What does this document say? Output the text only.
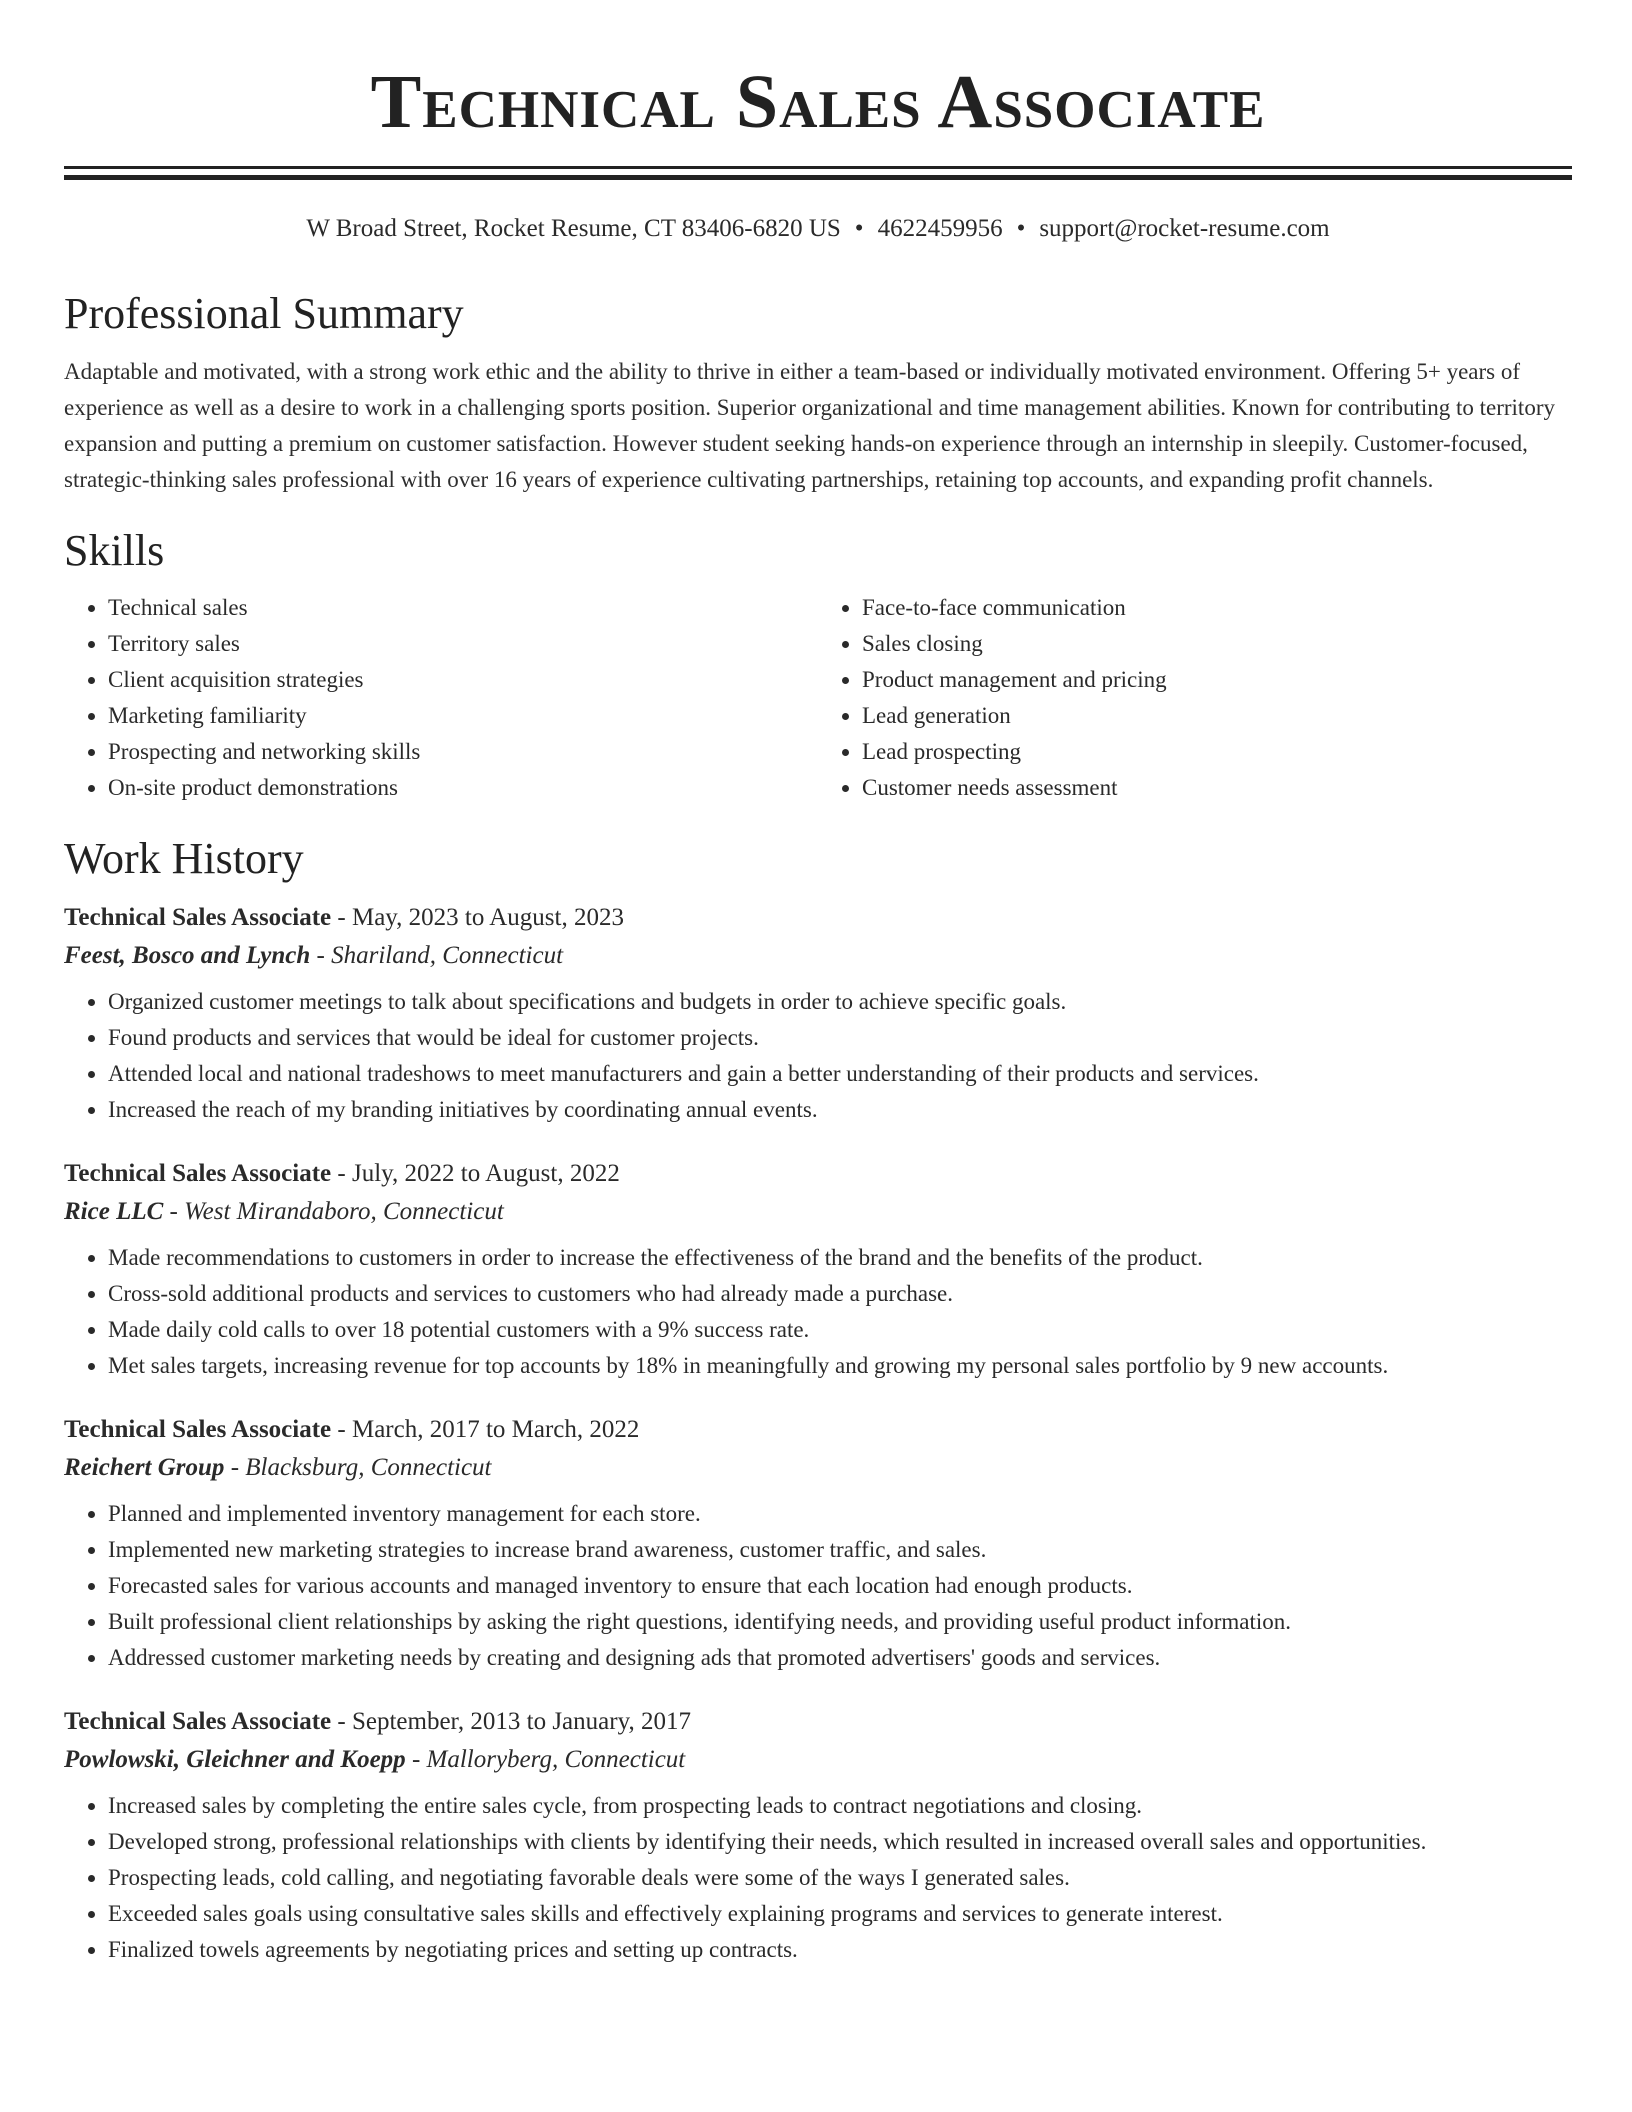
Technical Sales Associate
W Broad Street, Rocket Resume, CT 83406-6820 US • 4622459956 • support@rocket-resume.com
Professional Summary

Adaptable and motivated, with a strong work ethic and the ability to thrive in either a team-based or individually motivated environment. Offering 5+ years of experience as well as a desire to work in a challenging sports position. Superior organizational and time management abilities. Known for contributing to territory expansion and putting a premium on customer satisfaction. However student seeking hands-on experience through an internship in sleepily. Customer-focused, strategic-thinking sales professional with over 16 years of experience cultivating partnerships, retaining top accounts, and expanding profit channels.

Skills
• Technical sales
• Territory sales
• Client acquisition strategies
• Marketing familiarity
• Prospecting and networking skills
• On-site product demonstrations
• Face-to-face communication
• Sales closing
• Product management and pricing
• Lead generation
• Lead prospecting
• Customer needs assessment
Work History
Technical Sales Associate - May, 2023 to August, 2023
Feest, Bosco and Lynch - Shariland, Connecticut
• Organized customer meetings to talk about specifications and budgets in order to achieve specific goals.
• Found products and services that would be ideal for customer projects.
• Attended local and national tradeshows to meet manufacturers and gain a better understanding of their products and services.
• Increased the reach of my branding initiatives by coordinating annual events.
Technical Sales Associate - July, 2022 to August, 2022
Rice LLC - West Mirandaboro, Connecticut
• Made recommendations to customers in order to increase the effectiveness of the brand and the benefits of the product.
• Cross-sold additional products and services to customers who had already made a purchase.
• Made daily cold calls to over 18 potential customers with a 9% success rate.
• Met sales targets, increasing revenue for top accounts by 18% in meaningfully and growing my personal sales portfolio by 9 new accounts.
Technical Sales Associate - March, 2017 to March, 2022
Reichert Group - Blacksburg, Connecticut
• Planned and implemented inventory management for each store.
• Implemented new marketing strategies to increase brand awareness, customer traffic, and sales.
• Forecasted sales for various accounts and managed inventory to ensure that each location had enough products.
• Built professional client relationships by asking the right questions, identifying needs, and providing useful product information.
• Addressed customer marketing needs by creating and designing ads that promoted advertisers' goods and services.
Technical Sales Associate - September, 2013 to January, 2017
Powlowski, Gleichner and Koepp - Malloryberg, Connecticut
• Increased sales by completing the entire sales cycle, from prospecting leads to contract negotiations and closing.
• Developed strong, professional relationships with clients by identifying their needs, which resulted in increased overall sales and opportunities.
• Prospecting leads, cold calling, and negotiating favorable deals were some of the ways I generated sales.
• Exceeded sales goals using consultative sales skills and effectively explaining programs and services to generate interest.
• Finalized towels agreements by negotiating prices and setting up contracts.
